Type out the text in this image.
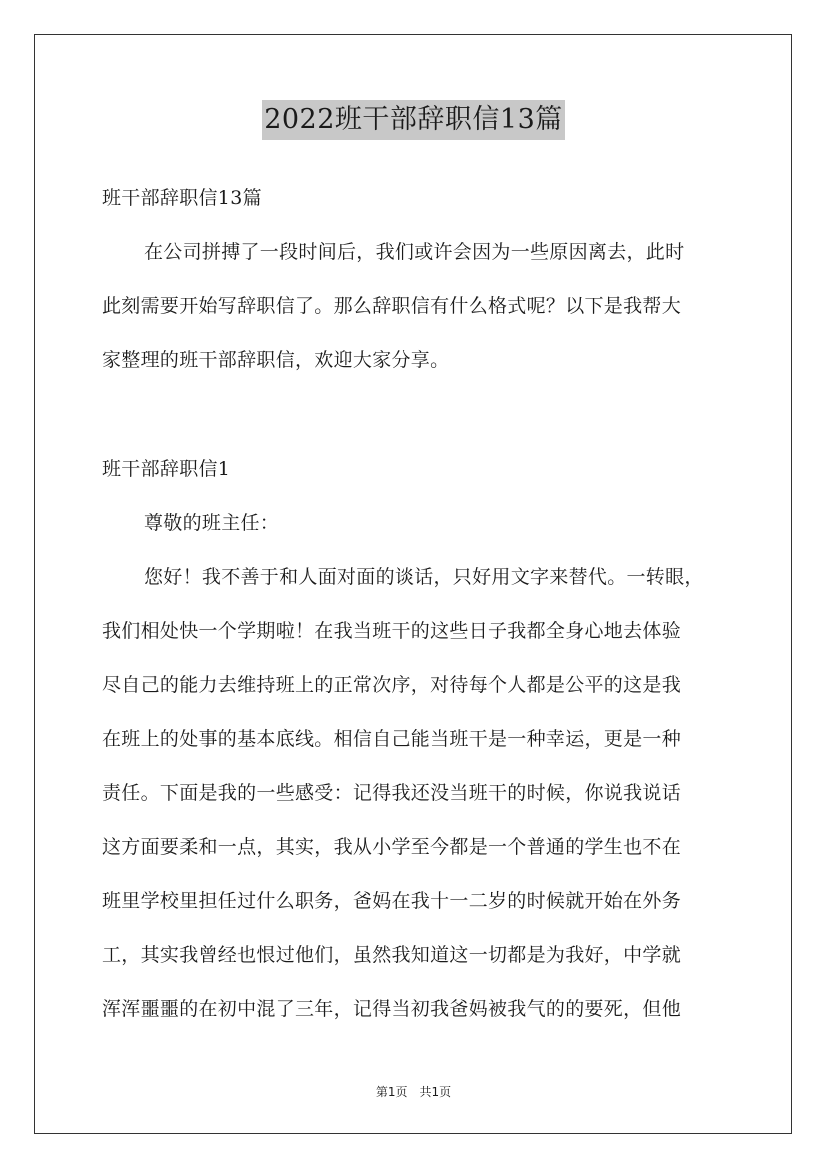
2022班干部辞职信13篇
班干部辞职信13篇
在公司拼搏了一段时间后，我们或许会因为一些原因离去，此时
此刻需要开始写辞职信了。那么辞职信有什么格式呢？以下是我帮大
家整理的班干部辞职信，欢迎大家分享。
班干部辞职信1
尊敬的班主任：
您好！我不善于和人面对面的谈话，只好用文字来替代。一转眼，
我们相处快一个学期啦！在我当班干的这些日子我都全身心地去体验
尽自己的能力去维持班上的正常次序，对待每个人都是公平的这是我
在班上的处事的基本底线。相信自己能当班干是一种幸运，更是一种
责任。下面是我的一些感受：记得我还没当班干的时候，你说我说话
这方面要柔和一点，其实，我从小学至今都是一个普通的学生也不在
班里学校里担任过什么职务，爸妈在我十一二岁的时候就开始在外务
工，其实我曾经也恨过他们，虽然我知道这一切都是为我好，中学就
浑浑噩噩的在初中混了三年，记得当初我爸妈被我气的的要死，但他
第1页　共1页
